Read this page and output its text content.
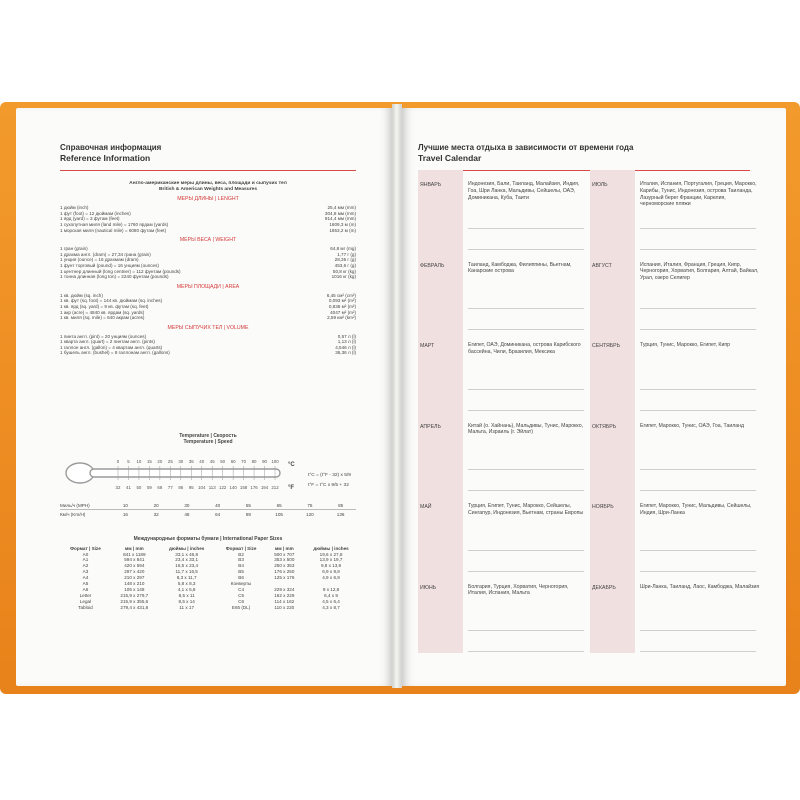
Справочная информация
Reference Information
Англо-американские меры длины, веса, площади и сыпучих тел
British & American Weights and Measures
МЕРЫ ДЛИНЫ | LENGHT
1 дюйм (inch)	25,4 мм (mm)
1 фут (foot) = 12 дюймам (inches)	304,8 мм (mm)
1 ярд (yard) = 3 футам (feet)	914,4 мм (mm)
1 сухопутная миля (land mile) = 1760 ярдам (yards)	1609,3 м (m)
1 морская миля (nautical mile) = 6080 футам (feet)	1853,2 м (m)
МЕРЫ ВЕСА | WEIGHT
1 гран (grain)	64,8 мг (mg)
1 драхма англ. (dram) = 27,34 грана (grain)	1,77 г (g)
1 унция (ounce) = 16 драхмам (dram)	28,35 г (g)
1 фунт торговый (pound) = 16 унциям (ounces)	453,6 г (g)
1 центнер длинный (long centner) = 112 фунтам (pounds)	50,8 кг (kg)
1 тонна длинная (long ton) = 2240 фунтам (pounds)	1016 кг (kg)
МЕРЫ ПЛОЩАДИ | AREA
1 кв. дюйм (sq. inch)	6,45 см² (cm²)
1 кв. фут (sq. foot) = 144 кв. дюймам (sq. inches)	0,093 м² (m²)
1 кв. ярд (sq. yard) = 9 кв. футам (sq. feet)	0,836 м² (m²)
1 акр (acre) = 4840 кв. ярдам (sq. yards)	4047 м² (m²)
1 кв. миля (sq. mile) = 640 акрам (acres)	2,59 км² (km²)
МЕРЫ СЫПУЧИХ ТЕЛ | VOLUME
1 пинта англ. (pint) = 20 унциям (ounces)	0,57 л (l)
1 кварта англ. (quart) = 2 пинтам англ. (pints)	1,13 л (l)
1 галлон англ. (gallon) = 4 квартам англ. (quarts)	4,546 л (l)
1 бушель англ. (bushel) = 8 галлонам англ. (gallons)	36,36 л (l)
Temperature | Скорость
Temperature | Speed
0
32
5
41
10
50
15
59
20
68
25
77
30
86
35
95
40
104
45
113
50
122
60
140
70
158
80
176
90
194
100
212
°C
°F
t°C = (t°F - 32) x 5/9
t°F = t°C x 9/5 + 32
Миль/ч (MPH)	10	20	30	40	55	65	75	85
Км/ч (Km/H)	16	32	48	64	89	105	120	136
Международные форматы бумаги | International Paper Sizes
Формат | Size	мм | mm	дюймы | inches	Формат | Size	мм | mm	дюймы | inches
A0	841 x 1189	33,1 x 46,8	B2	500 x 707	19,6 x 27,8
A1	594 x 841	23,4 x 33,1	B3	353 x 500	13,9 x 19,7
A2	420 x 594	16,5 x 23,4	B4	250 x 353	9,8 x 13,9
A3	297 x 420	11,7 x 16,5	B5	176 x 250	6,9 x 9,8
A4	210 x 297	8,3 x 11,7	B6	125 x 176	4,9 x 6,9
A5	148 x 210	5,8 x 8,3	Конверты		
A6	105 x 148	4,1 x 5,8	C4	229 x 324	9 x 12,8
Letter	215,9 x 279,7	8,5 x 11	C5	162 x 229	6,4 x 9
Legal	215,9 x 355,6	8,5 x 14	C6	114 x 162	4,5 x 6,4
Tabloid	279,4 x 431,8	11 x 17	E65 (DL)	110 x 220	4,3 x 8,7
Лучшие места отдыха в зависимости от времени года
Travel Calendar
ЯНВАРЬ	Индонезия, Бали, Таиланд, Малайзия, Индия, Гоа, Шри Ланка, Мальдивы, Сейшелы, ОАЭ, Доминикана, Куба, Таити
ФЕВРАЛЬ	Таиланд, Камбоджа, Филиппины, Вьетнам, Канарские острова
МАРТ	Египет, ОАЭ, Доминикана, острова Карибского бассейна, Чили, Бразилия, Мексика
АПРЕЛЬ	Китай (о. Хайнань), Мальдивы, Тунис, Марокко, Мальта, Израиль (г. Эйлат)
МАЙ	Турция, Египет, Тунис, Марокко, Сейшелы, Сингапур, Индонезия, Вьетнам, страны Европы
ИЮНЬ	Болгария, Турция, Хорватия, Черногория, Италия, Испания, Мальта
ИЮЛЬ	Италия, Испания, Португалия, Греция, Марокко, Карибы, Тунис, Индонезия, острова Таиланда, Лазурный берег Франции, Карелия, черноморские пляжи
АВГУСТ	Испания, Италия, Франция, Греция, Кипр, Черногория, Хорватия, Болгария, Алтай, Байкал, Урал, озеро Селигер
СЕНТЯБРЬ	Турция, Тунис, Марокко, Египет, Кипр
ОКТЯБРЬ	Египет, Марокко, Тунис, ОАЭ, Гоа, Таиланд
НОЯБРЬ	Египет, Марокко, Тунис, Мальдивы, Сейшелы, Индия, Шри-Ланка
ДЕКАБРЬ	Шри-Ланка, Таиланд, Лаос, Камбоджа, Малайзия
